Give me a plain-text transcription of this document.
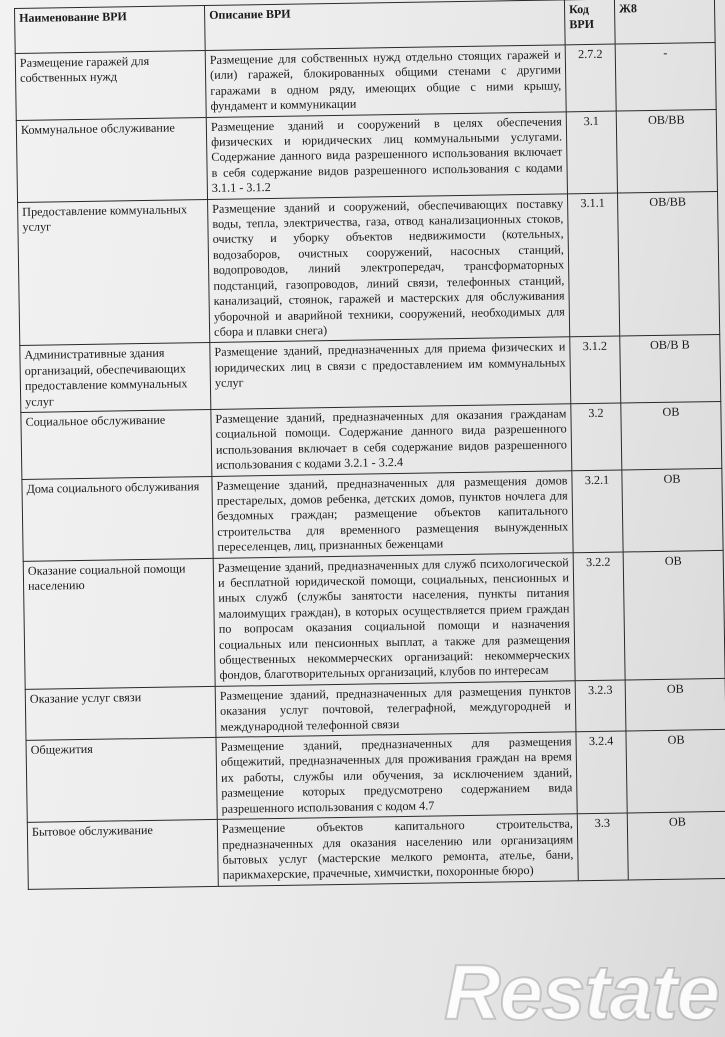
Наименование ВРИ	Описание ВРИ	Код ВРИ	Ж8
Размещение гаражей для собственных нужд	Размещение для собственных нужд отдельно стоящих гаражей и (или) гаражей, блокированных общими стенами с другими гаражами в одном ряду, имеющих общие с ними крышу, фундамент и коммуникации	2.7.2	-
Коммунальное обслуживание	Размещение зданий и сооружений в целях обеспечения физических и юридических лиц коммунальными услугами. Содержание данного вида разрешенного использования включает в себя содержание видов разрешенного использования с кодами 3.1.1 - 3.1.2	3.1	ОВ/ВВ
Предоставление коммунальных услуг	Размещение зданий и сооружений, обеспечивающих поставку воды, тепла, электричества, газа, отвод канализационных стоков, очистку и уборку объектов недвижимости (котельных, водозаборов, очистных сооружений, насосных станций, водопроводов, линий электропередач, трансформаторных подстанций, газопроводов, линий связи, телефонных станций, канализаций, стоянок, гаражей и мастерских для обслуживания уборочной и аварийной техники, сооружений, необходимых для сбора и плавки снега)	3.1.1	ОВ/ВВ
Административные здания организаций, обеспечивающих предоставление коммунальных услуг	Размещение зданий, предназначенных для приема физических и юридических лиц в связи с предоставлением им коммунальных услуг	3.1.2	ОВ/В В
Социальное обслуживание	Размещение зданий, предназначенных для оказания гражданам социальной помощи. Содержание данного вида разрешенного использования включает в себя содержание видов разрешенного использования с кодами 3.2.1 - 3.2.4	3.2	ОВ
Дома социального обслуживания	Размещение зданий, предназначенных для размещения домов престарелых, домов ребенка, детских домов, пунктов ночлега для бездомных граждан; размещение объектов капитального строительства для временного размещения вынужденных переселенцев, лиц, признанных беженцами	3.2.1	ОВ
Оказание социальной помощи населению	Размещение зданий, предназначенных для служб психологической и бесплатной юридической помощи, социальных, пенсионных и иных служб (службы занятости населения, пункты питания малоимущих граждан), в которых осуществляется прием граждан по вопросам оказания социальной помощи и назначения социальных или пенсионных выплат, а также для размещения общественных некоммерческих организаций: некоммерческих фондов, благотворительных организаций, клубов по интересам	3.2.2	ОВ
Оказание услуг связи	Размещение зданий, предназначенных для размещения пунктов оказания услуг почтовой, телеграфной, междугородней и международной телефонной связи	3.2.3	ОВ
Общежития	Размещение зданий, предназначенных для размещения общежитий, предназначенных для проживания граждан на время их работы, службы или обучения, за исключением зданий, размещение которых предусмотрено содержанием вида разрешенного использования с кодом 4.7	3.2.4	ОВ
Бытовое обслуживание	Размещение объектов капитального строительства, предназначенных для оказания населению или организациям бытовых услуг (мастерские мелкого ремонта, ателье, бани, парикмахерские, прачечные, химчистки, похоронные бюро)	3.3	ОВ
Restate
